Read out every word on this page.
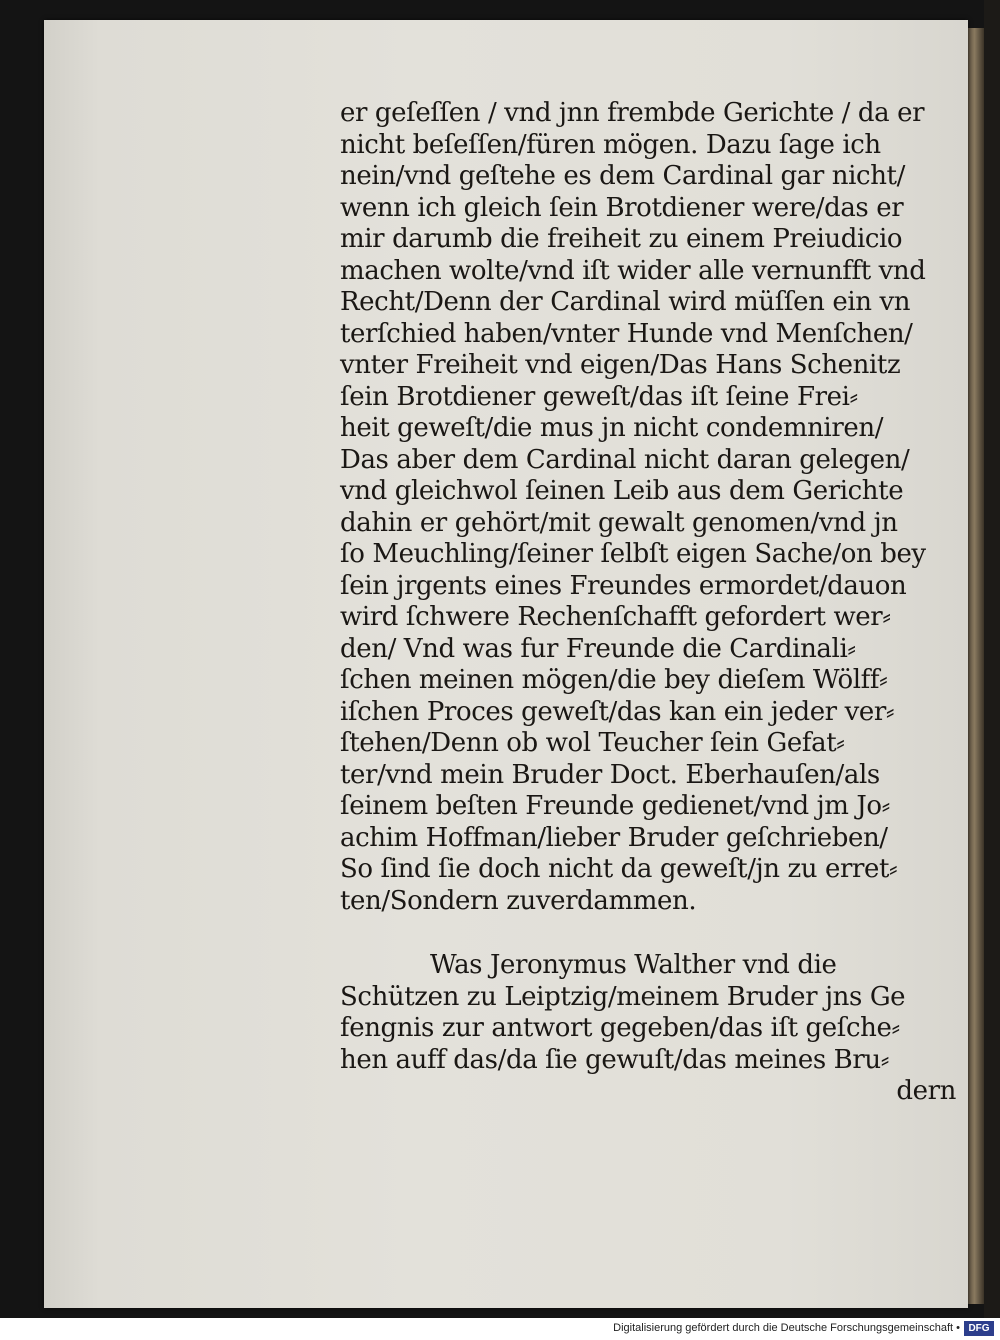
er geſeſſen / vnd jnn frembde Gerichte / da er
nicht beſeſſen/füren mögen. Dazu ſage ich
nein/vnd geſtehe es dem Cardinal gar nicht/
wenn ich gleich ſein Brotdiener were/das er
mir darumb die freiheit zu einem Preiudicio
machen wolte/vnd iſt wider alle vernunfft vnd
Recht/Denn der Cardinal wird müſſen ein vn
terſchied haben/vnter Hunde vnd Menſchen/
vnter Freiheit vnd eigen/Das Hans Schenitz
ſein Brotdiener geweſt/das iſt ſeine Frei⸗
heit geweſt/die mus jn nicht condemniren/
Das aber dem Cardinal nicht daran gelegen/
vnd gleichwol ſeinen Leib aus dem Gerichte
dahin er gehört/mit gewalt genomen/vnd jn
ſo Meuchling/ſeiner ſelbſt eigen Sache/on bey
ſein jrgents eines Freundes ermordet/dauon
wird ſchwere Rechenſchafft gefordert wer⸗
den/ Vnd was fur Freunde die Cardinali⸗
ſchen meinen mögen/die bey dieſem Wölff⸗
iſchen Proces geweſt/das kan ein jeder ver⸗
ſtehen/Denn ob wol Teucher ſein Gefat⸗
ter/vnd mein Bruder Doct. Eberhauſen/als
ſeinem beſten Freunde gedienet/vnd jm Jo⸗
achim Hoffman/lieber Bruder geſchrieben/
So ſind ſie doch nicht da geweſt/jn zu erret⸗
ten/Sondern zuverdammen.
Was Jeronymus Walther vnd die
Schützen zu Leiptzig/meinem Bruder jns Ge
fengnis zur antwort gegeben/das iſt geſche⸗
hen auff das/da ſie gewuſt/das meines Bru⸗
dern
Digitalisierung gefördert durch die Deutsche Forschungsgemeinschaft • DFG
